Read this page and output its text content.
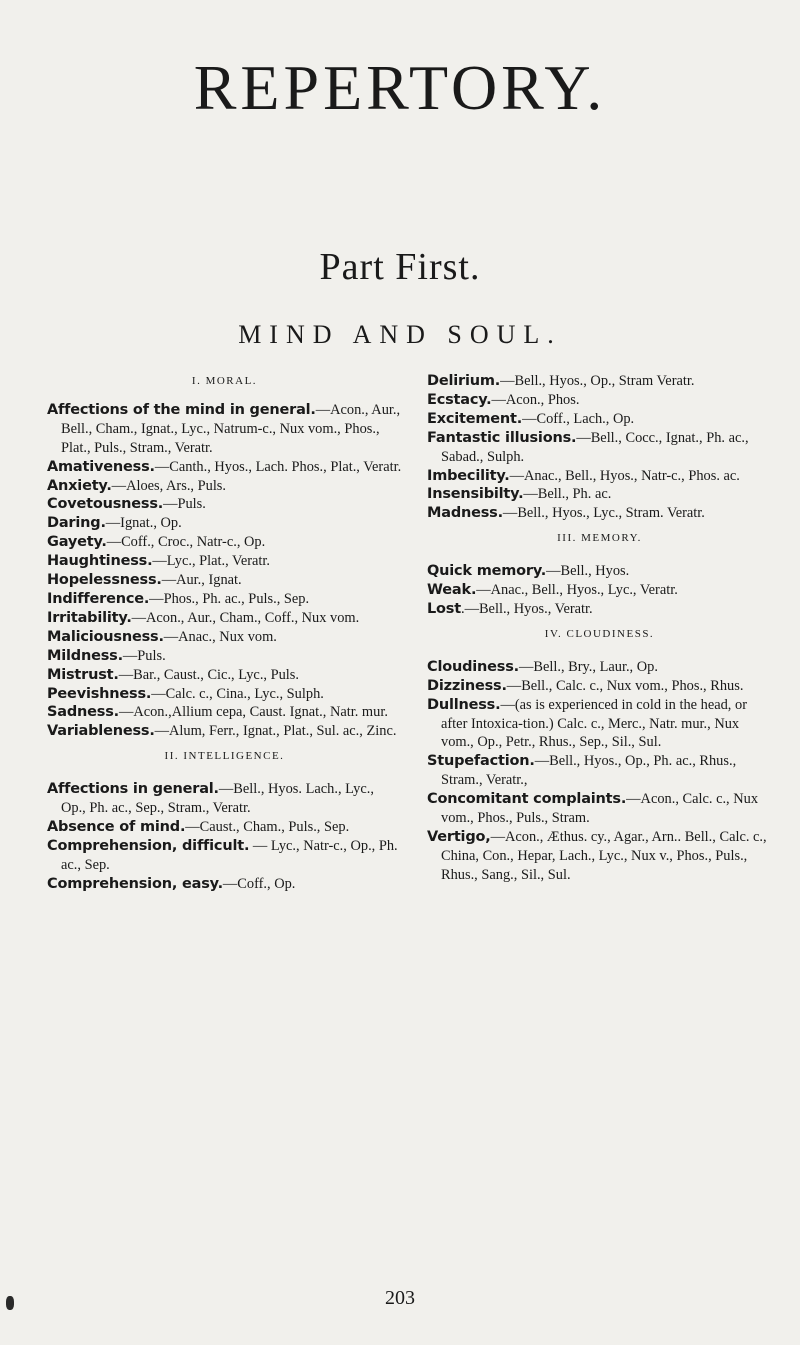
REPERTORY.
Part First.
MIND AND SOUL.
I. MORAL.

Affections of the mind in general.—Acon., Aur., Bell., Cham., Ignat., Lyc., Natrum-c., Nux vom., Phos., Plat., Puls., Stram., Veratr.

Amativeness.—Canth., Hyos., Lach. Phos., Plat., Veratr.

Anxiety.—Aloes, Ars., Puls.

Covetousness.—Puls.

Daring.—Ignat., Op.

Gayety.—Coff., Croc., Natr-c., Op.

Haughtiness.—Lyc., Plat., Veratr.

Hopelessness.—Aur., Ignat.

Indifference.—Phos., Ph. ac., Puls., Sep.

Irritability.—Acon., Aur., Cham., Coff., Nux vom.

Maliciousness.—Anac., Nux vom.

Mildness.—Puls.

Mistrust.—Bar., Caust., Cic., Lyc., Puls.

Peevishness.—Calc. c., Cina., Lyc., Sulph.

Sadness.—Acon.,Allium cepa, Caust. Ignat., Natr. mur.

Variableness.—Alum, Ferr., Ignat., Plat., Sul. ac., Zinc.

II. INTELLIGENCE.

Affections in general.—Bell., Hyos. Lach., Lyc., Op., Ph. ac., Sep., Stram., Veratr.

Absence of mind.—Caust., Cham., Puls., Sep.

Comprehension, difficult. — Lyc., Natr-c., Op., Ph. ac., Sep.

Comprehension, easy.—Coff., Op.

Delirium.—Bell., Hyos., Op., Stram Veratr.

Ecstacy.—Acon., Phos.

Excitement.—Coff., Lach., Op.

Fantastic illusions.—Bell., Cocc., Ignat., Ph. ac., Sabad., Sulph.

Imbecility.—Anac., Bell., Hyos., Natr-c., Phos. ac.

Insensibilty.—Bell., Ph. ac.

Madness.—Bell., Hyos., Lyc., Stram. Veratr.

III. MEMORY.

Quick memory.—Bell., Hyos.

Weak.—Anac., Bell., Hyos., Lyc., Veratr.

Lost.—Bell., Hyos., Veratr.

IV. CLOUDINESS.

Cloudiness.—Bell., Bry., Laur., Op.

Dizziness.—Bell., Calc. c., Nux vom., Phos., Rhus.

Dullness.—(as is experienced in cold in the head, or after Intoxica-tion.) Calc. c., Merc., Natr. mur., Nux vom., Op., Petr., Rhus., Sep., Sil., Sul.

Stupefaction.—Bell., Hyos., Op., Ph. ac., Rhus., Stram., Veratr.,

Concomitant complaints.—Acon., Calc. c., Nux vom., Phos., Puls., Stram.

Vertigo,—Acon., Æthus. cy., Agar., Arn.. Bell., Calc. c., China, Con., Hepar, Lach., Lyc., Nux v., Phos., Puls., Rhus., Sang., Sil., Sul.

203
